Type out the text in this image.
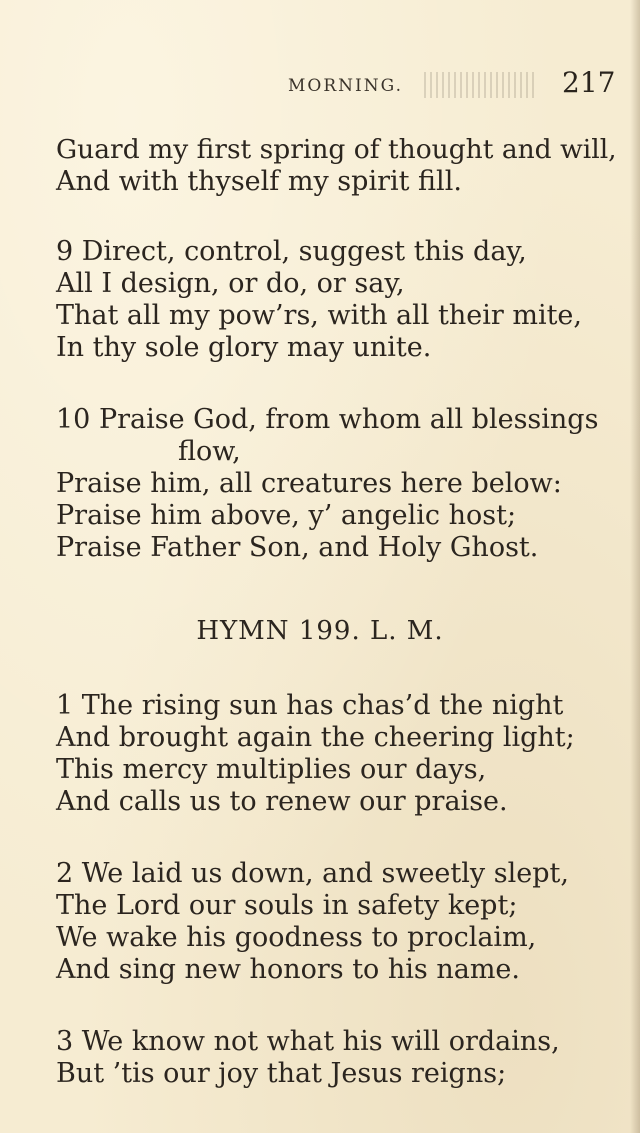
MORNING.	217
Guard my first spring of thought and will,
And with thyself my spirit fill.
9 Direct, control, suggest this day,
All I design, or do, or say,
That all my pow’rs, with all their mite,
In thy sole glory may unite.
10 Praise God, from whom all blessings
flow,
Praise him, all creatures here below:
Praise him above, y’ angelic host;
Praise Father Son, and Holy Ghost.
HYMN 199. L. M.
1 The rising sun has chas’d the night
And brought again the cheering light;
This mercy multiplies our days,
And calls us to renew our praise.
2 We laid us down, and sweetly slept,
The Lord our souls in safety kept;
We wake his goodness to proclaim,
And sing new honors to his name.
3 We know not what his will ordains,
But ’tis our joy that Jesus reigns;
